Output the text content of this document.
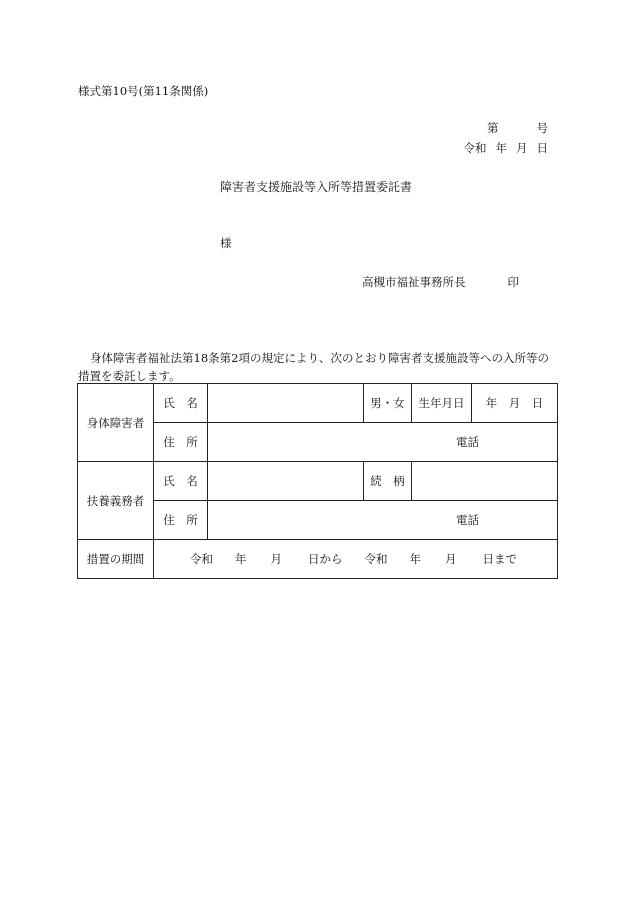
様式第10号(第11条関係)
第	号
令和 年 月 日
障害者支援施設等入所等措置委託書
様
高槻市福祉事務所長	印
身体障害者福祉法第18条第2項の規定により、次のとおり障害者支援施設等への入所等の措置を委託します。
身体障害者	氏　名		男・女	生年月日	年　月　日
	住　所	電話			
扶養義務者	氏　名		続　柄		
	住　所	電話			
措置の期間	令和 年 月 日から 令和 年 月 日まで				
